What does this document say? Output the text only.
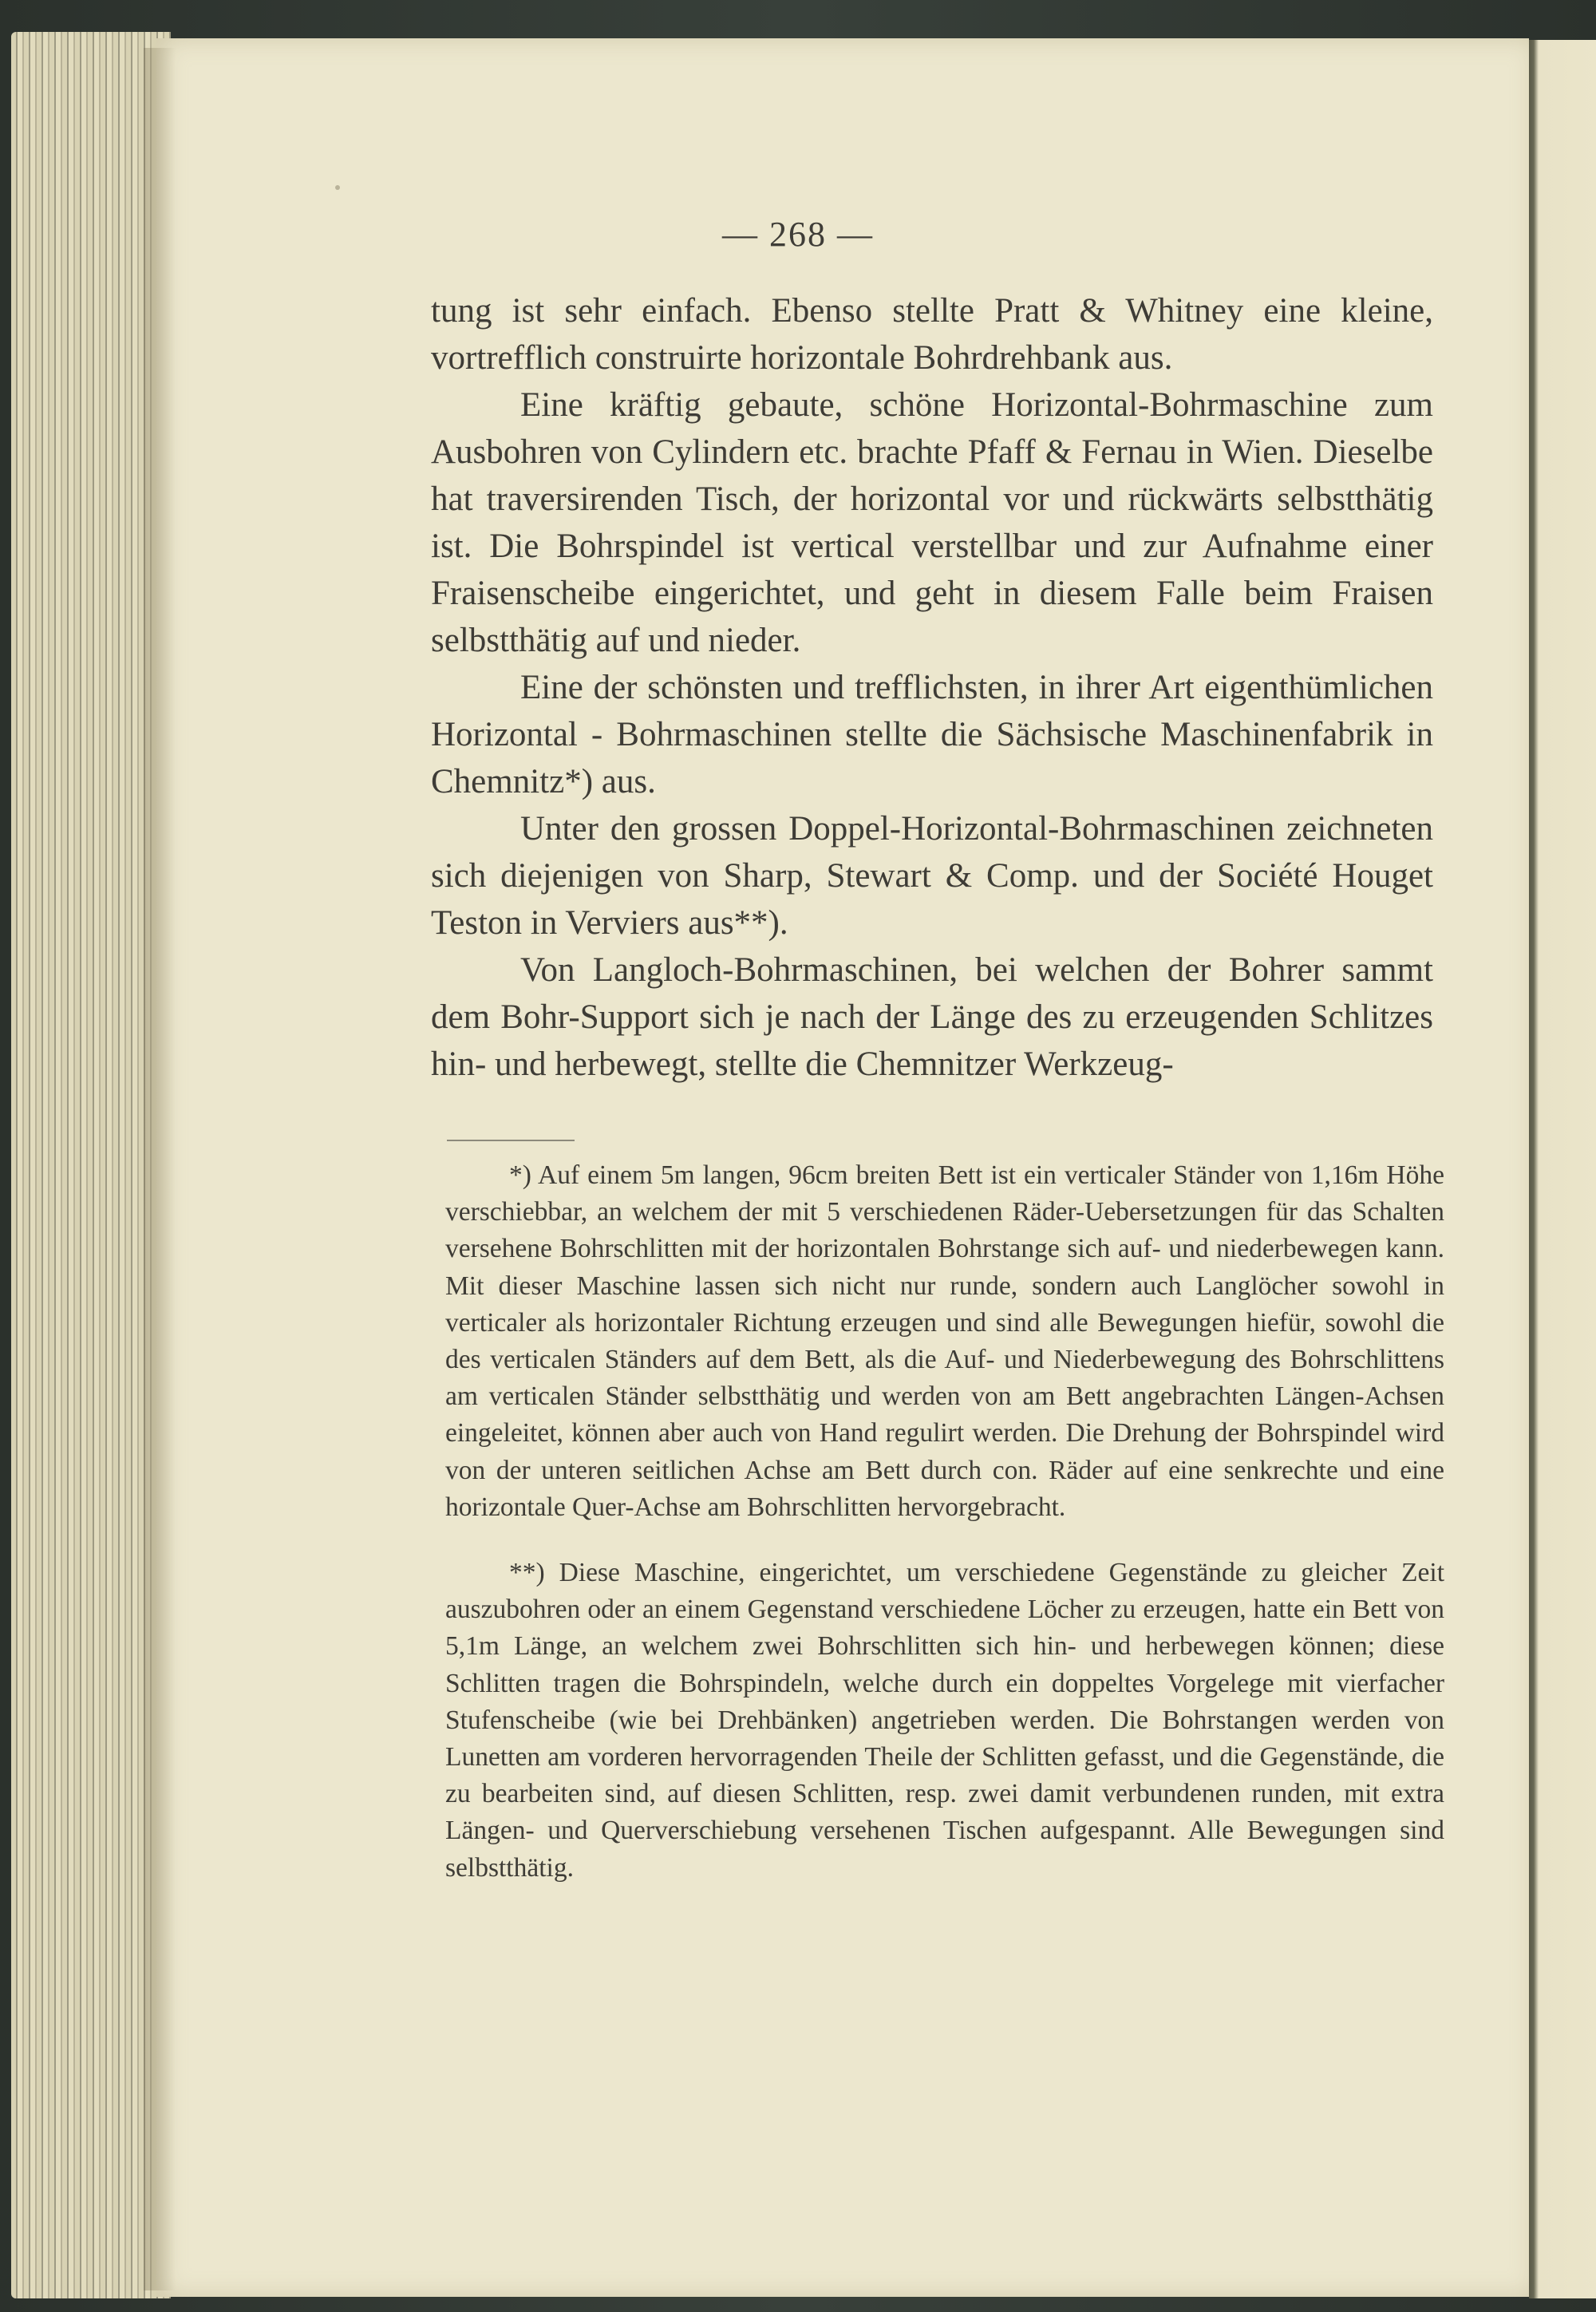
— 268 —

tung ist sehr einfach. Ebenso stellte Pratt & Whitney eine kleine, vortrefflich construirte horizontale Bohrdrehbank aus.

Eine kräftig gebaute, schöne Horizontal-Bohrmaschine zum Ausbohren von Cylindern etc. brachte Pfaff & Fernau in Wien. Dieselbe hat traversirenden Tisch, der horizontal vor und rückwärts selbstthätig ist. Die Bohrspindel ist vertical verstellbar und zur Aufnahme einer Fraisenscheibe eingerichtet, und geht in diesem Falle beim Fraisen selbstthätig auf und nieder.

Eine der schönsten und trefflichsten, in ihrer Art eigenthümlichen Horizontal - Bohrmaschinen stellte die Sächsische Maschinenfabrik in Chemnitz*) aus.

Unter den grossen Doppel-Horizontal-Bohrmaschinen zeichneten sich diejenigen von Sharp, Stewart & Comp. und der Société Houget Teston in Verviers aus**).

Von Langloch-Bohrmaschinen, bei welchen der Bohrer sammt dem Bohr-Support sich je nach der Länge des zu erzeugenden Schlitzes hin- und herbewegt, stellte die Chemnitzer Werkzeug-

*) Auf einem 5m langen, 96cm breiten Bett ist ein verticaler Ständer von 1,16m Höhe verschiebbar, an welchem der mit 5 verschiedenen Räder-Uebersetzungen für das Schalten versehene Bohrschlitten mit der horizontalen Bohrstange sich auf- und niederbewegen kann. Mit dieser Maschine lassen sich nicht nur runde, sondern auch Langlöcher sowohl in verticaler als horizontaler Richtung erzeugen und sind alle Bewegungen hiefür, sowohl die des verticalen Ständers auf dem Bett, als die Auf- und Niederbewegung des Bohrschlittens am verticalen Ständer selbstthätig und werden von am Bett angebrachten Längen-Achsen eingeleitet, können aber auch von Hand regulirt werden. Die Drehung der Bohrspindel wird von der unteren seitlichen Achse am Bett durch con. Räder auf eine senkrechte und eine horizontale Quer-Achse am Bohrschlitten hervorgebracht.

**) Diese Maschine, eingerichtet, um verschiedene Gegenstände zu gleicher Zeit auszubohren oder an einem Gegenstand verschiedene Löcher zu erzeugen, hatte ein Bett von 5,1m Länge, an welchem zwei Bohrschlitten sich hin- und herbewegen können; diese Schlitten tragen die Bohrspindeln, welche durch ein doppeltes Vorgelege mit vierfacher Stufenscheibe (wie bei Drehbänken) angetrieben werden. Die Bohrstangen werden von Lunetten am vorderen hervorragenden Theile der Schlitten gefasst, und die Gegenstände, die zu bearbeiten sind, auf diesen Schlitten, resp. zwei damit verbundenen runden, mit extra Längen- und Querverschiebung versehenen Tischen aufgespannt. Alle Bewegungen sind selbstthätig.
